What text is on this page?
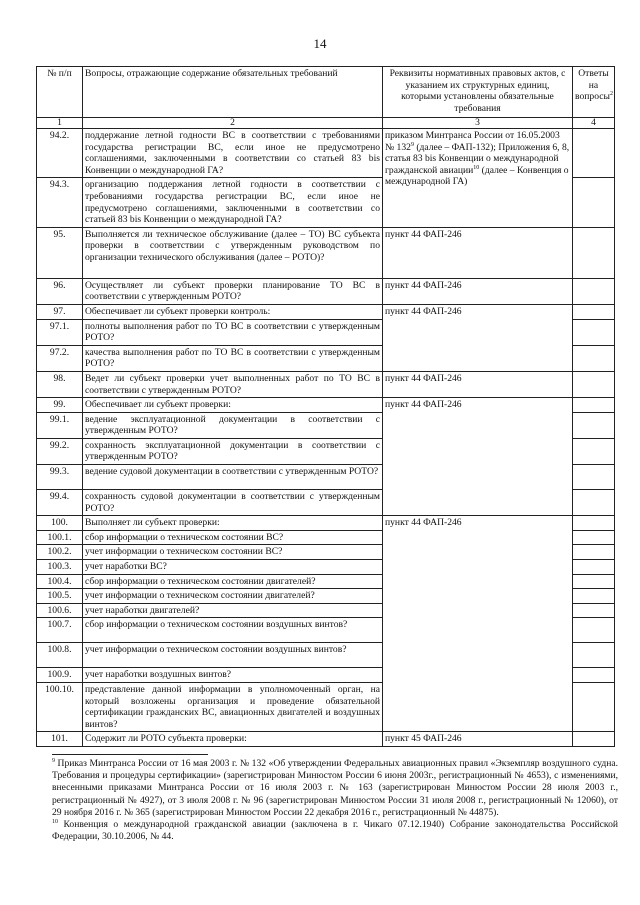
14
№ п/п	Вопросы, отражающие содержание обязательных требований	Реквизиты нормативных правовых актов, с указанием их структурных единиц, которыми установлены обязательные требования	Ответы на вопросы$^2$
1	2	3	4
94.2.	поддержание летной годности ВС в соответствии с требованиями государства регистрации ВС, если иное не предусмотрено соглашениями, заключенными в соответствии со статьей 83 bis Конвенции о международной ГА?	приказом Минтранса России от 16.05.2003 № $132^9$ (далее – ФАП-132); Приложения 6, 8, статья 83 bis Конвенции о международной гражданской авиации$^{10}$ (далее – Конвенция о международной ГА)	
94.3.	организацию поддержания летной годности в соответствии с требованиями государства регистрации ВС, если иное не предусмотрено соглашениями, заключенными в соответствии со статьей 83 bis Конвенции о международной ГА?		
95.	Выполняется ли техническое обслуживание (далее – ТО) ВС субъекта проверки в соответствии с утвержденным руководством по организации технического обслуживания (далее – РОТО)?	пункт 44 ФАП-246	
96.	Осуществляет ли субъект проверки планирование ТО ВС в соответствии с утвержденным РОТО?	пункт 44 ФАП-246	
97.	Обеспечивает ли субъект проверки контроль:	пункт 44 ФАП-246	
97.1.	полноты выполнения работ по ТО ВС в соответствии с утвержденным РОТО?		
97.2.	качества выполнения работ по ТО ВС в соответствии с утвержденным РОТО?		
98.	Ведет ли субъект проверки учет выполненных работ по ТО ВС в соответствии с утвержденным РОТО?	пункт 44 ФАП-246	
99.	Обеспечивает ли субъект проверки:	пункт 44 ФАП-246	
99.1.	ведение эксплуатационной документации в соответствии с утвержденным РОТО?		
99.2.	сохранность эксплуатационной документации в соответствии с утвержденным РОТО?		
99.3.	ведение судовой документации в соответствии с утвержденным РОТО?		
99.4.	сохранность судовой документации в соответствии с утвержденным РОТО?		
100.	Выполняет ли субъект проверки:	пункт 44 ФАП-246	
100.1.	сбор информации о техническом состоянии ВС?		
100.2.	учет информации о техническом состоянии ВС?		
100.3.	учет наработки ВС?		
100.4.	сбор информации о техническом состоянии двигателей?		
100.5.	учет информации о техническом состоянии двигателей?		
100.6.	учет наработки двигателей?		
100.7.	сбор информации о техническом состоянии воздушных винтов?		
100.8.	учет информации о техническом состоянии воздушных винтов?		
100.9.	учет наработки воздушных винтов?		
100.10.	представление данной информации в уполномоченный орган, на который возложены организация и проведение обязательной сертификации гражданских ВС, авиационных двигателей и воздушных винтов?		
101.	Содержит ли РОТО субъекта проверки:	пункт 45 ФАП-246	

$^9$ Приказ Минтранса России от 16 мая 2003 г. № 132 «Об утверждении Федеральных авиационных правил «Экземпляр воздушного судна. Требования и процедуры сертификации» (зарегистрирован Минюстом России 6 июня 2003г., регистрационный № 4653), с изменениями, внесенными приказами Минтранса России от 16 июля 2003 г. № 163 (зарегистрирован Минюстом России 28 июля 2003 г., регистрационный № 4927), от 3 июля 2008 г. № 96 (зарегистрирован Минюстом России 31 июля 2008 г., регистрационный № 12060), от 29 ноября 2016 г. № 365 (зарегистрирован Минюстом России 22 декабря 2016 г., регистрационный № 44875).

$^{10}$ Конвенция о международной гражданской авиации (заключена в г. Чикаго 07.12.1940) Собрание законодательства Российской Федерации, 30.10.2006, № 44.
